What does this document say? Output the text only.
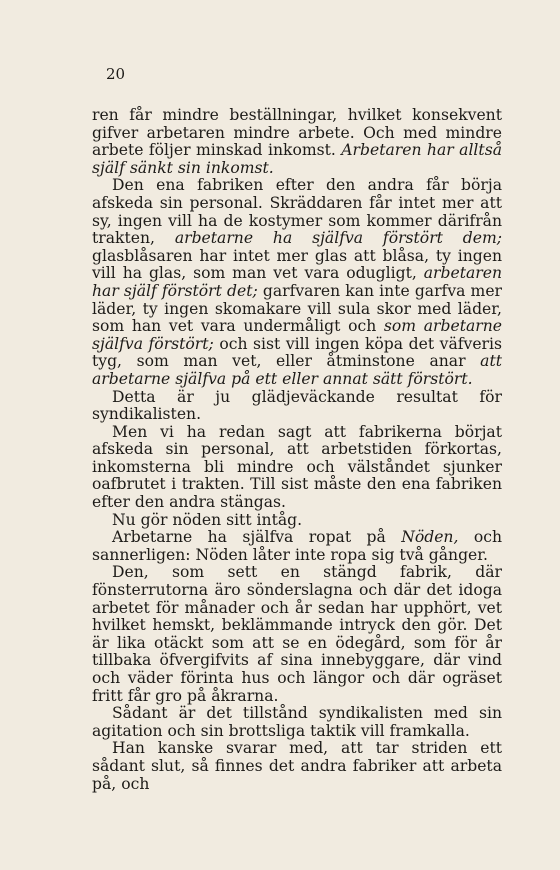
20

ren får mindre beställningar, hvilket konsekvent gifver arbetaren mindre arbete. Och med mindre arbete följer minskad inkomst. Arbetaren har alltså själf sänkt sin inkomst.

Den ena fabriken efter den andra får börja afskeda sin personal. Skräddaren får intet mer att sy, ingen vill ha de kostymer som kommer därifrån trakten, arbetarne ha själfva förstört dem; glasblåsaren har intet mer glas att blåsa, ty ingen vill ha glas, som man vet vara odugligt, arbetaren har själf förstört det; garfvaren kan inte garfva mer läder, ty ingen skomakare vill sula skor med läder, som han vet vara undermåligt och som arbetarne själfva förstört; och sist vill ingen köpa det väfveris tyg, som man vet, eller åtminstone anar att arbetarne själfva på ett eller annat sätt förstört.

Detta är ju glädjeväckande resultat för syndikalisten.

Men vi ha redan sagt att fabrikerna börjat afskeda sin personal, att arbetstiden förkortas, inkomsterna bli mindre och välståndet sjunker oafbrutet i trakten. Till sist måste den ena fabriken efter den andra stängas.

Nu gör nöden sitt intåg.

Arbetarne ha själfva ropat på Nöden, och sannerligen: Nöden låter inte ropa sig två gånger.

Den, som sett en stängd fabrik, där fönsterrutorna äro sönderslagna och där det idoga arbetet för månader och år sedan har upphört, vet hvilket hemskt, beklämmande intryck den gör. Det är lika otäckt som att se en ödegård, som för år tillbaka öfvergifvits af sina innebyggare, där vind och väder förinta hus och längor och där ogräset fritt får gro på åkrarna.

Sådant är det tillstånd syndikalisten med sin agitation och sin brottsliga taktik vill framkalla.

Han kanske svarar med, att tar striden ett sådant slut, så finnes det andra fabriker att arbeta på, och
